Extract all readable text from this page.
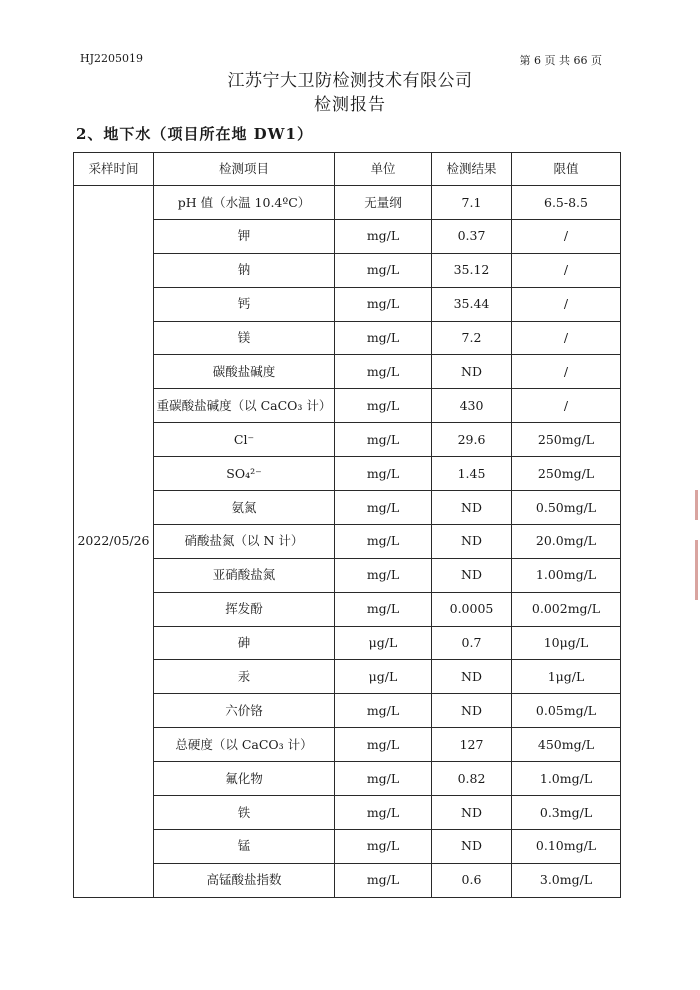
HJ2205019	第 6 页 共 66 页
江苏宁大卫防检测技术有限公司
检测报告
2、地下水（项目所在地 DW1）
采样时间	检测项目	单位	检测结果	限值
2022/05/26	pH 值（水温 10.4ºC）	无量纲	7.1	6.5-8.5
	钾	mg/L	0.37	/
	钠	mg/L	35.12	/
	钙	mg/L	35.44	/
	镁	mg/L	7.2	/
	碳酸盐碱度	mg/L	ND	/
	重碳酸盐碱度（以 CaCO₃ 计）	mg/L	430	/
	Cl⁻	mg/L	29.6	250mg/L
	SO₄²⁻	mg/L	1.45	250mg/L
	氨氮	mg/L	ND	0.50mg/L
	硝酸盐氮（以 N 计）	mg/L	ND	20.0mg/L
	亚硝酸盐氮	mg/L	ND	1.00mg/L
	挥发酚	mg/L	0.0005	0.002mg/L
	砷	μg/L	0.7	10μg/L
	汞	μg/L	ND	1μg/L
	六价铬	mg/L	ND	0.05mg/L
	总硬度（以 CaCO₃ 计）	mg/L	127	450mg/L
	氟化物	mg/L	0.82	1.0mg/L
	铁	mg/L	ND	0.3mg/L
	锰	mg/L	ND	0.10mg/L
	高锰酸盐指数	mg/L	0.6	3.0mg/L
